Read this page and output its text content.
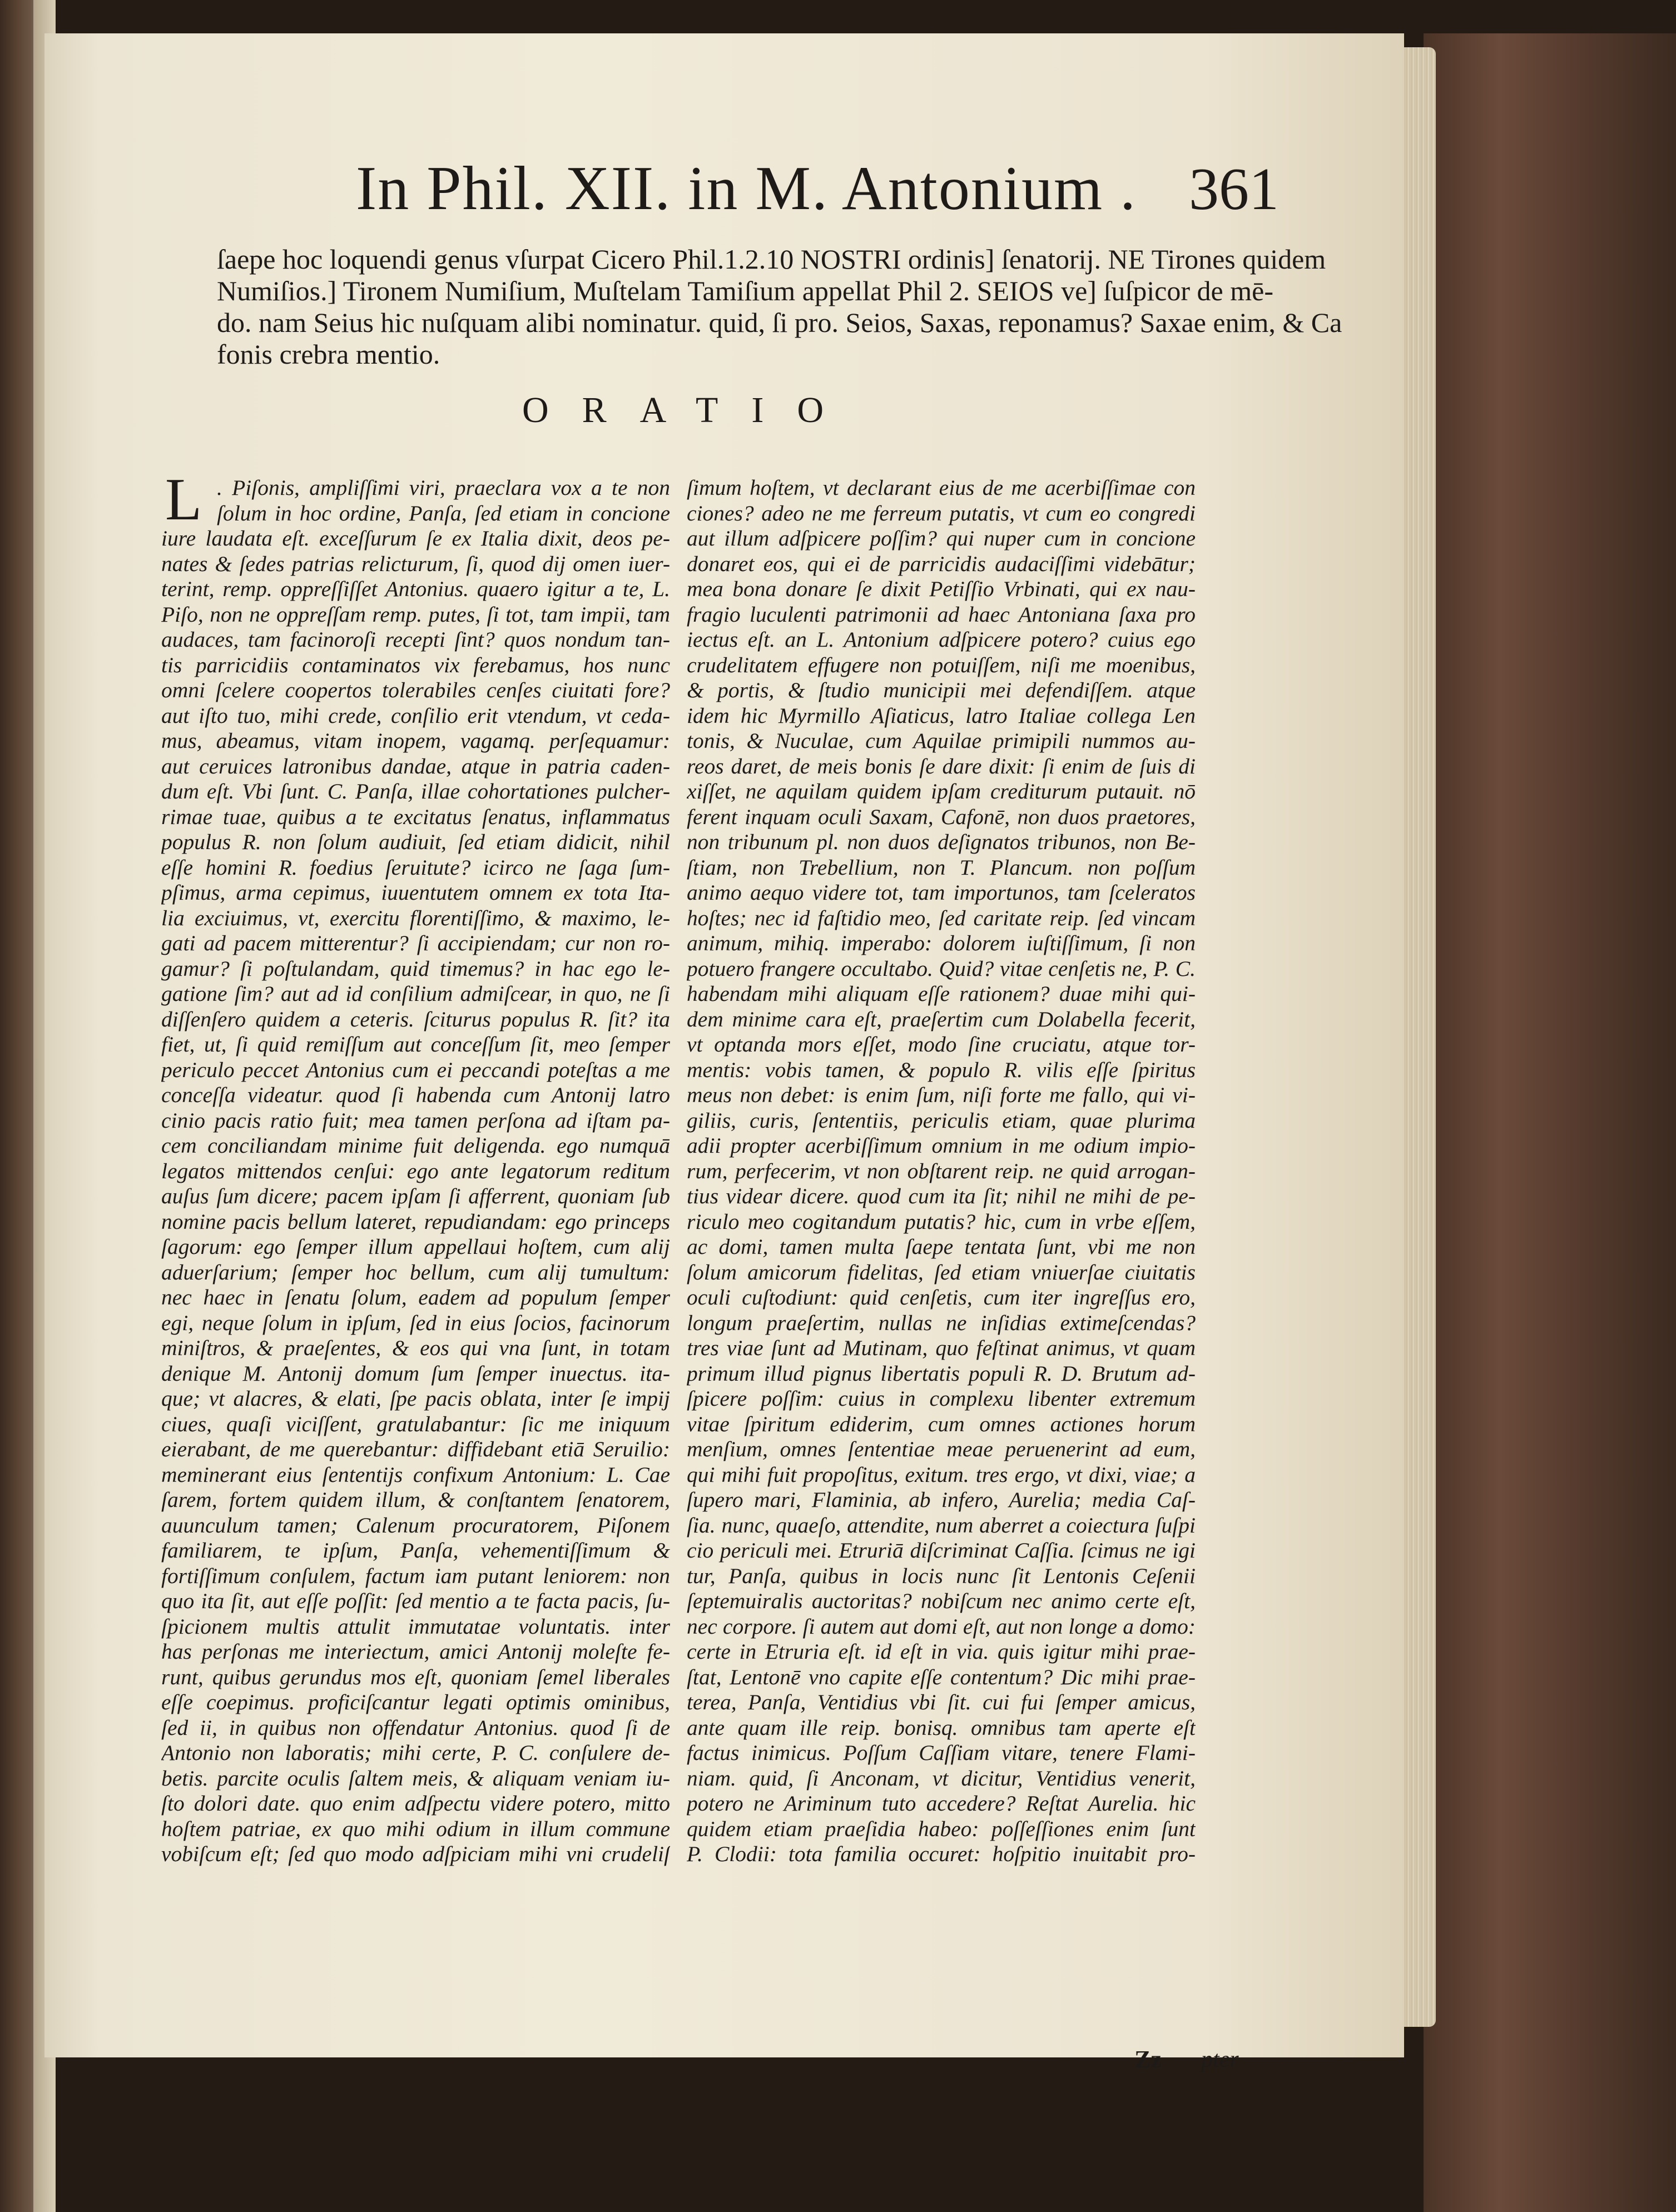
In Phil. XII. in M. Antonium . 361
ſaepe hoc loquendi genus vſurpat Cicero Phil.1.2.10 NOSTRI ordinis] ſenatorij. NE Tirones quidem
Numiſios.] Tironem Numiſium, Muſtelam Tamiſium appellat Phil 2. SEIOS ve] ſuſpicor de mē-
do. nam Seius hic nuſquam alibi nominatur. quid, ſi pro. Seios, Saxas, reponamus? Saxae enim, & Ca
fonis crebra mentio.
ORATIO
L . Piſonis, ampliſſimi viri, praeclara vox a te non
ſolum in hoc ordine, Panſa, ſed etiam in concione
iure laudata eſt. exceſſurum ſe ex Italia dixit, deos pe-
nates & ſedes patrias relicturum, ſi, quod dij omen iuer-
terint, remp. oppreſſiſſet Antonius. quaero igitur a te, L.
Piſo, non ne oppreſſam remp. putes, ſi tot, tam impii, tam
audaces, tam facinoroſi recepti ſint? quos nondum tan-
tis parricidiis contaminatos vix ferebamus, hos nunc
omni ſcelere coopertos tolerabiles cenſes ciuitati fore?
aut iſto tuo, mihi crede, conſilio erit vtendum, vt ceda-
mus, abeamus, vitam inopem, vagamq. perſequamur:
aut ceruices latronibus dandae, atque in patria caden-
dum eſt. Vbi ſunt. C. Panſa, illae cohortationes pulcher-
rimae tuae, quibus a te excitatus ſenatus, inflammatus
populus R. non ſolum audiuit, ſed etiam didicit, nihil
eſſe homini R. foedius ſeruitute? icirco ne ſaga ſum-
pſimus, arma cepimus, iuuentutem omnem ex tota Ita-
lia exciuimus, vt, exercitu florentiſſimo, & maximo, le-
gati ad pacem mitterentur? ſi accipiendam; cur non ro-
gamur? ſi poſtulandam, quid timemus? in hac ego le-
gatione ſim? aut ad id conſilium admiſcear, in quo, ne ſi
diſſenſero quidem a ceteris. ſciturus populus R. ſit? ita
fiet, ut, ſi quid remiſſum aut conceſſum ſit, meo ſemper
periculo peccet Antonius cum ei peccandi poteſtas a me
conceſſa videatur. quod ſi habenda cum Antonij latro
cinio pacis ratio fuit; mea tamen perſona ad iſtam pa-
cem conciliandam minime fuit deligenda. ego numquā
legatos mittendos cenſui: ego ante legatorum reditum
auſus ſum dicere; pacem ipſam ſi afferrent, quoniam ſub
nomine pacis bellum lateret, repudiandam: ego princeps
ſagorum: ego ſemper illum appellaui hoſtem, cum alij
aduerſarium; ſemper hoc bellum, cum alij tumultum:
nec haec in ſenatu ſolum, eadem ad populum ſemper
egi, neque ſolum in ipſum, ſed in eius ſocios, facinorum
miniſtros, & praeſentes, & eos qui vna ſunt, in totam
denique M. Antonij domum ſum ſemper inuectus. ita-
que; vt alacres, & elati, ſpe pacis oblata, inter ſe impij
ciues, quaſi viciſſent, gratulabantur: ſic me iniquum
eierabant, de me querebantur: diffidebant etiā Seruilio:
meminerant eius ſententijs confixum Antonium: L. Cae
ſarem, fortem quidem illum, & conſtantem ſenatorem,
auunculum tamen; Calenum procuratorem, Piſonem
familiarem, te ipſum, Panſa, vehementiſſimum &
fortiſſimum conſulem, factum iam putant leniorem: non
quo ita ſit, aut eſſe poſſit: ſed mentio a te facta pacis, ſu-
ſpicionem multis attulit immutatae voluntatis. inter
has perſonas me interiectum, amici Antonij moleſte fe-
runt, quibus gerundus mos eſt, quoniam ſemel liberales
eſſe coepimus. proficiſcantur legati optimis ominibus,
ſed ii, in quibus non offendatur Antonius. quod ſi de
Antonio non laboratis; mihi certe, P. C. conſulere de-
betis. parcite oculis ſaltem meis, & aliquam veniam iu-
ſto dolori date. quo enim adſpectu videre potero, mitto
hoſtem patriae, ex quo mihi odium in illum commune
vobiſcum eſt; ſed quo modo adſpiciam mihi vni crudeliſ
ſimum hoſtem, vt declarant eius de me acerbiſſimae con
ciones? adeo ne me ferreum putatis, vt cum eo congredi
aut illum adſpicere poſſim? qui nuper cum in concione
donaret eos, qui ei de parricidis audaciſſimi videbātur;
mea bona donare ſe dixit Petiſſio Vrbinati, qui ex nau-
fragio luculenti patrimonii ad haec Antoniana ſaxa pro
iectus eſt. an L. Antonium adſpicere potero? cuius ego
crudelitatem effugere non potuiſſem, niſi me moenibus,
& portis, & ſtudio municipii mei defendiſſem. atque
idem hic Myrmillo Aſiaticus, latro Italiae collega Len
tonis, & Nuculae, cum Aquilae primipili nummos au-
reos daret, de meis bonis ſe dare dixit: ſi enim de ſuis di
xiſſet, ne aquilam quidem ipſam crediturum putauit. nō
ferent inquam oculi Saxam, Cafonē, non duos praetores,
non tribunum pl. non duos deſignatos tribunos, non Be-
ſtiam, non Trebellium, non T. Plancum. non poſſum
animo aequo videre tot, tam importunos, tam ſceleratos
hoſtes; nec id faſtidio meo, ſed caritate reip. ſed vincam
animum, mihiq. imperabo: dolorem iuſtiſſimum, ſi non
potuero frangere occultabo. Quid? vitae cenſetis ne, P. C.
habendam mihi aliquam eſſe rationem? duae mihi qui-
dem minime cara eſt, praeſertim cum Dolabella fecerit,
vt optanda mors eſſet, modo ſine cruciatu, atque tor-
mentis: vobis tamen, & populo R. vilis eſſe ſpiritus
meus non debet: is enim ſum, niſi forte me fallo, qui vi-
giliis, curis, ſententiis, periculis etiam, quae plurima
adii propter acerbiſſimum omnium in me odium impio-
rum, perfecerim, vt non obſtarent reip. ne quid arrogan-
tius videar dicere. quod cum ita ſit; nihil ne mihi de pe-
riculo meo cogitandum putatis? hic, cum in vrbe eſſem,
ac domi, tamen multa ſaepe tentata ſunt, vbi me non
ſolum amicorum fidelitas, ſed etiam vniuerſae ciuitatis
oculi cuſtodiunt: quid cenſetis, cum iter ingreſſus ero,
longum praeſertim, nullas ne inſidias extimeſcendas?
tres viae ſunt ad Mutinam, quo feſtinat animus, vt quam
primum illud pignus libertatis populi R. D. Brutum ad-
ſpicere poſſim: cuius in complexu libenter extremum
vitae ſpiritum ediderim, cum omnes actiones horum
menſium, omnes ſententiae meae peruenerint ad eum,
qui mihi fuit propoſitus, exitum. tres ergo, vt dixi, viae; a
ſupero mari, Flaminia, ab infero, Aurelia; media Caſ-
ſia. nunc, quaeſo, attendite, num aberret a coiectura ſuſpi
cio periculi mei. Etruriā diſcriminat Caſſia. ſcimus ne igi
tur, Panſa, quibus in locis nunc ſit Lentonis Ceſenii
ſeptemuiralis auctoritas? nobiſcum nec animo certe eſt,
nec corpore. ſi autem aut domi eſt, aut non longe a domo:
certe in Etruria eſt. id eſt in via. quis igitur mihi prae-
ſtat, Lentonē vno capite eſſe contentum? Dic mihi prae-
terea, Panſa, Ventidius vbi ſit. cui fui ſemper amicus,
ante quam ille reip. bonisq. omnibus tam aperte eſt
factus inimicus. Poſſum Caſſiam vitare, tenere Flami-
niam. quid, ſi Anconam, vt dicitur, Ventidius venerit,
potero ne Ariminum tuto accedere? Reſtat Aurelia. hic
quidem etiam praeſidia habeo: poſſeſſiones enim ſunt
P. Clodii: tota familia occuret: hoſpitio inuitabit pro-
Zz pter
